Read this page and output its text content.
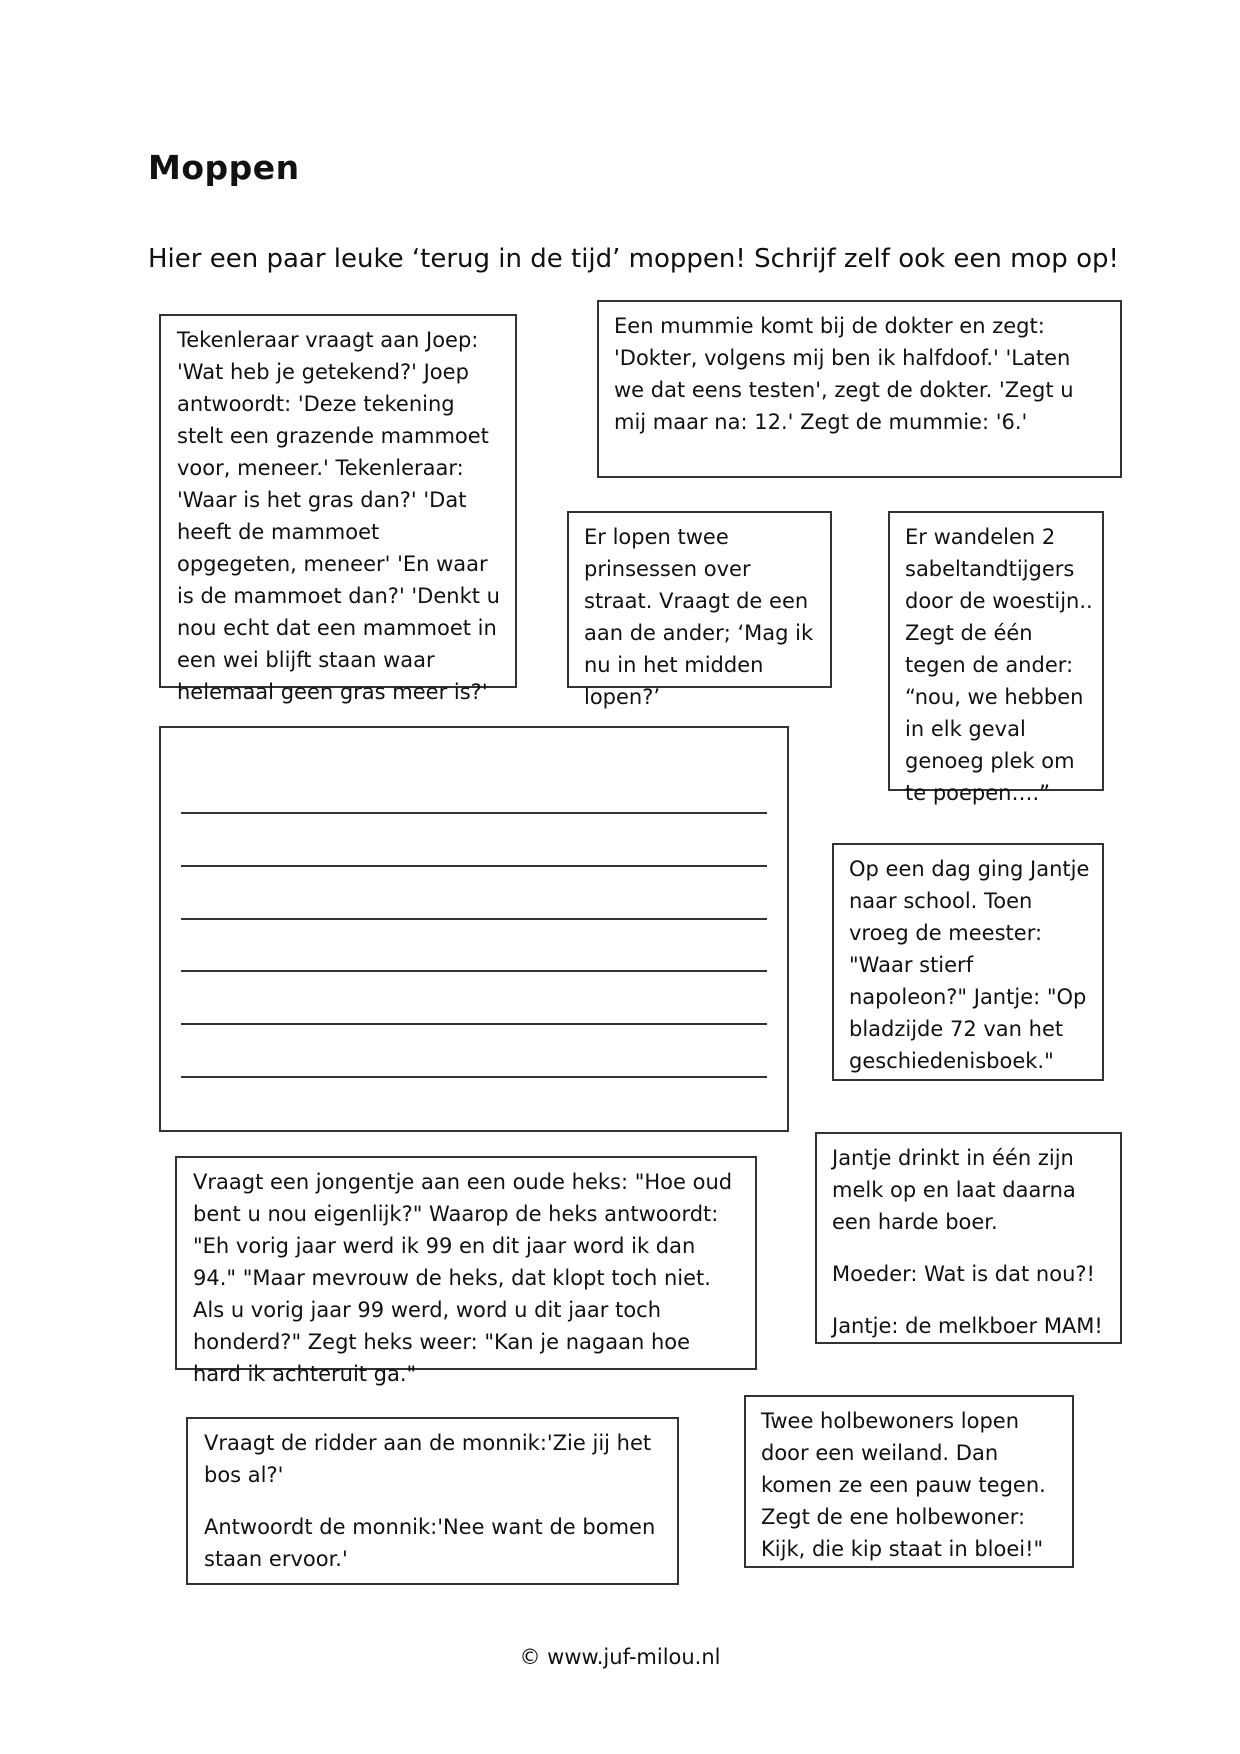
Moppen
Hier een paar leuke ‘terug in de tijd’ moppen! Schrijf zelf ook een mop op!

Tekenleraar vraagt aan Joep: 'Wat heb je getekend?' Joep antwoordt: 'Deze tekening stelt een grazende mammoet voor, meneer.' Tekenleraar: 'Waar is het gras dan?' 'Dat heeft de mammoet opgegeten, meneer' 'En waar is de mammoet dan?' 'Denkt u nou echt dat een mammoet in een wei blijft staan waar helemaal geen gras meer is?'

Een mummie komt bij de dokter en zegt: 'Dokter, volgens mij ben ik halfdoof.' 'Laten we dat eens testen', zegt de dokter. 'Zegt u mij maar na: 12.' Zegt de mummie: '6.'

Er lopen twee prinsessen over straat. Vraagt de een aan de ander; ‘Mag ik nu in het midden lopen?’

Er wandelen 2 sabeltandtijgers door de woestijn.. Zegt de één tegen de ander: “nou, we hebben in elk geval genoeg plek om te poepen….”

Op een dag ging Jantje naar school. Toen vroeg de meester: "Waar stierf napoleon?" Jantje: "Op bladzijde 72 van het geschiedenisboek."

Vraagt een jongentje aan een oude heks: "Hoe oud bent u nou eigenlijk?" Waarop de heks antwoordt: "Eh vorig jaar werd ik 99 en dit jaar word ik dan 94." "Maar mevrouw de heks, dat klopt toch niet. Als u vorig jaar 99 werd, word u dit jaar toch honderd?" Zegt heks weer: "Kan je nagaan hoe hard ik achteruit ga."

Jantje drinkt in één zijn melk op en laat daarna een harde boer.

Moeder: Wat is dat nou?!

Jantje: de melkboer MAM!

Vraagt de ridder aan de monnik:'Zie jij het bos al?'

Antwoordt de monnik:'Nee want de bomen staan ervoor.'

Twee holbewoners lopen door een weiland. Dan komen ze een pauw tegen. Zegt de ene holbewoner: Kijk, die kip staat in bloei!"

© www.juf-milou.nl
